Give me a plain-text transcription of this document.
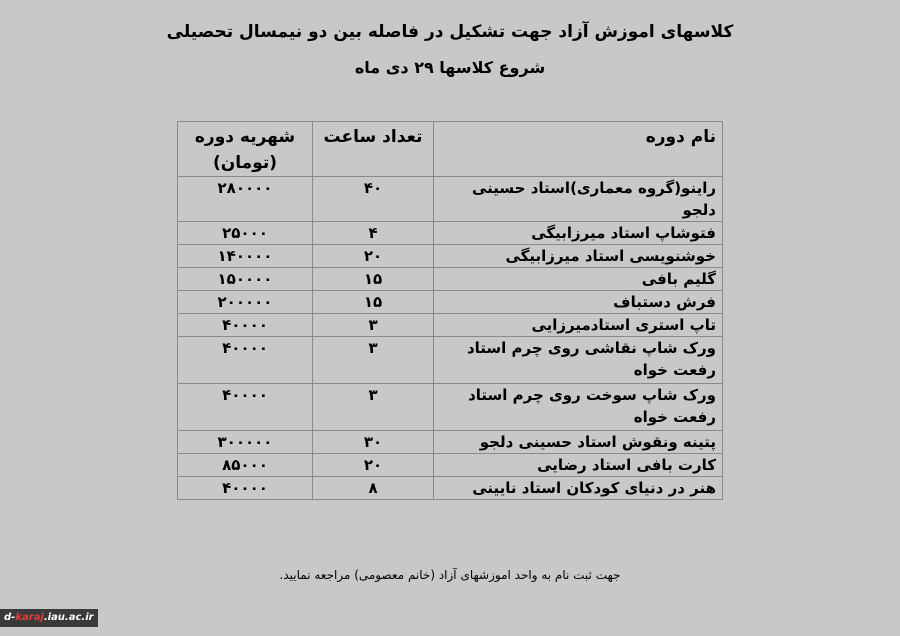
کلاسهای اموزش آزاد جهت تشکیل در فاصله بین دو نیمسال تحصیلی
شروع کلاسها ۲۹ دی ماه
نام دوره	تعداد ساعت	شهریه دوره (تومان)
راینو(گروه معماری)استاد حسینی دلجو	۴۰	۲۸۰۰۰۰
فتوشاپ استاد میرزابیگی	۴	۲۵۰۰۰
خوشنویسی استاد میرزابیگی	۲۰	۱۴۰۰۰۰
گلیم بافی	۱۵	۱۵۰۰۰۰
فرش دستباف	۱۵	۲۰۰۰۰۰
تاپ استری استادمیرزایی	۳	۴۰۰۰۰
ورک شاپ نقاشی روی چرم استاد رفعت خواه	۳	۴۰۰۰۰
ورک شاپ سوخت روی چرم استاد رفعت خواه	۳	۴۰۰۰۰
پتینه ونقوش استاد حسینی دلجو	۳۰	۳۰۰۰۰۰
کارت بافی استاد رضایی	۲۰	۸۵۰۰۰
هنر در دنیای کودکان استاد نایینی	۸	۴۰۰۰۰
جهت ثبت نام به واحد اموزشهای آزاد (خانم معصومی) مراجعه نمایید.
d-karaj.iau.ac.ir
